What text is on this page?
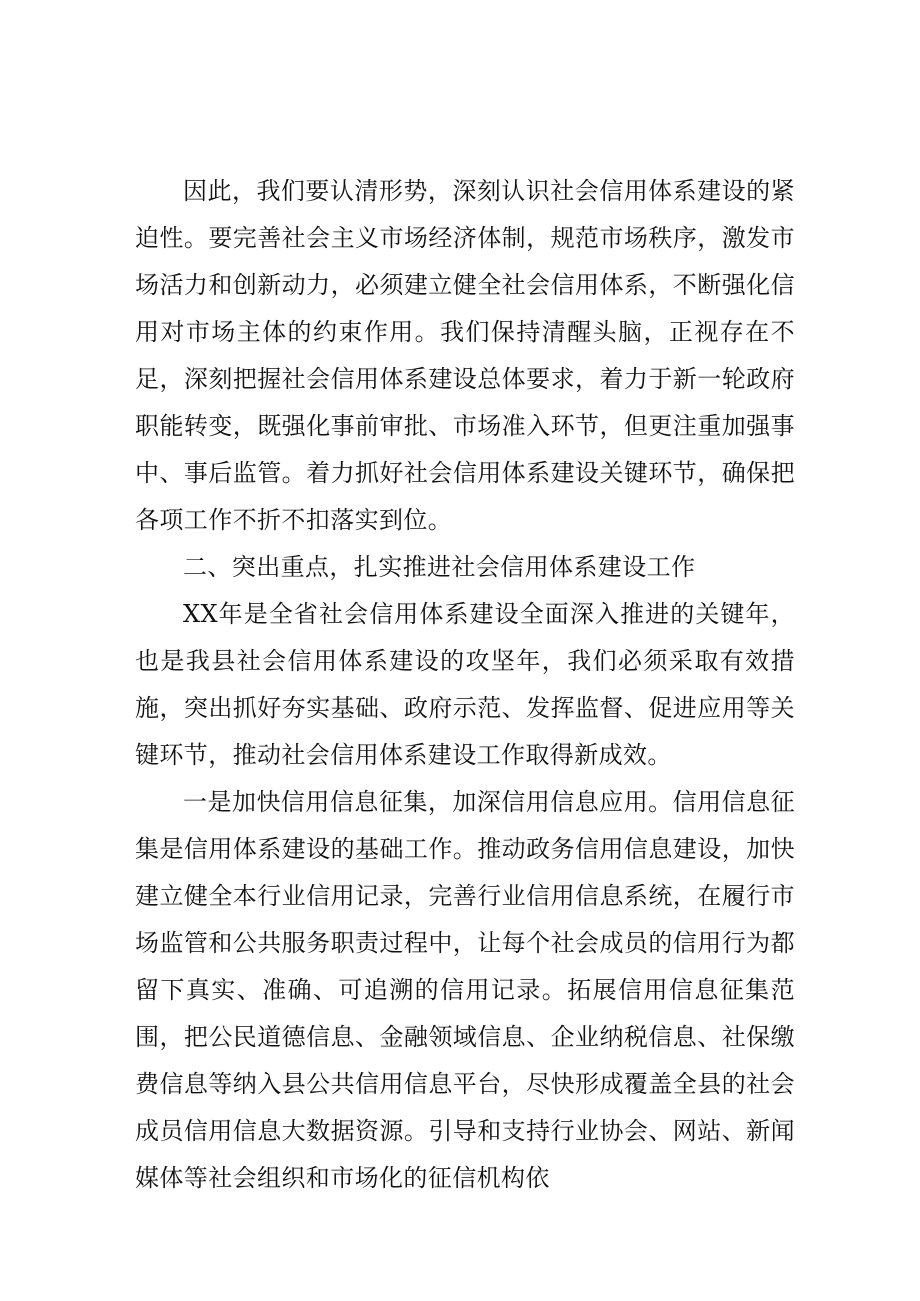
因此，我们要认清形势，深刻认识社会信用体系建设的紧迫性。要完善社会主义市场经济体制，规范市场秩序，激发市场活力和创新动力，必须建立健全社会信用体系，不断强化信用对市场主体的约束作用。我们保持清醒头脑，正视存在不足，深刻把握社会信用体系建设总体要求，着力于新一轮政府职能转变，既强化事前审批、市场准入环节，但更注重加强事中、事后监管。着力抓好社会信用体系建设关键环节，确保把各项工作不折不扣落实到位。

二、突出重点，扎实推进社会信用体系建设工作

XX年是全省社会信用体系建设全面深入推进的关键年，也是我县社会信用体系建设的攻坚年，我们必须采取有效措施，突出抓好夯实基础、政府示范、发挥监督、促进应用等关键环节，推动社会信用体系建设工作取得新成效。

一是加快信用信息征集，加深信用信息应用。信用信息征集是信用体系建设的基础工作。推动政务信用信息建设，加快建立健全本行业信用记录，完善行业信用信息系统，在履行市场监管和公共服务职责过程中，让每个社会成员的信用行为都留下真实、准确、可追溯的信用记录。拓展信用信息征集范围，把公民道德信息、金融领域信息、企业纳税信息、社保缴费信息等纳入县公共信用信息平台，尽快形成覆盖全县的社会成员信用信息大数据资源。引导和支持行业协会、网站、新闻媒体等社会组织和市场化的征信机构依
